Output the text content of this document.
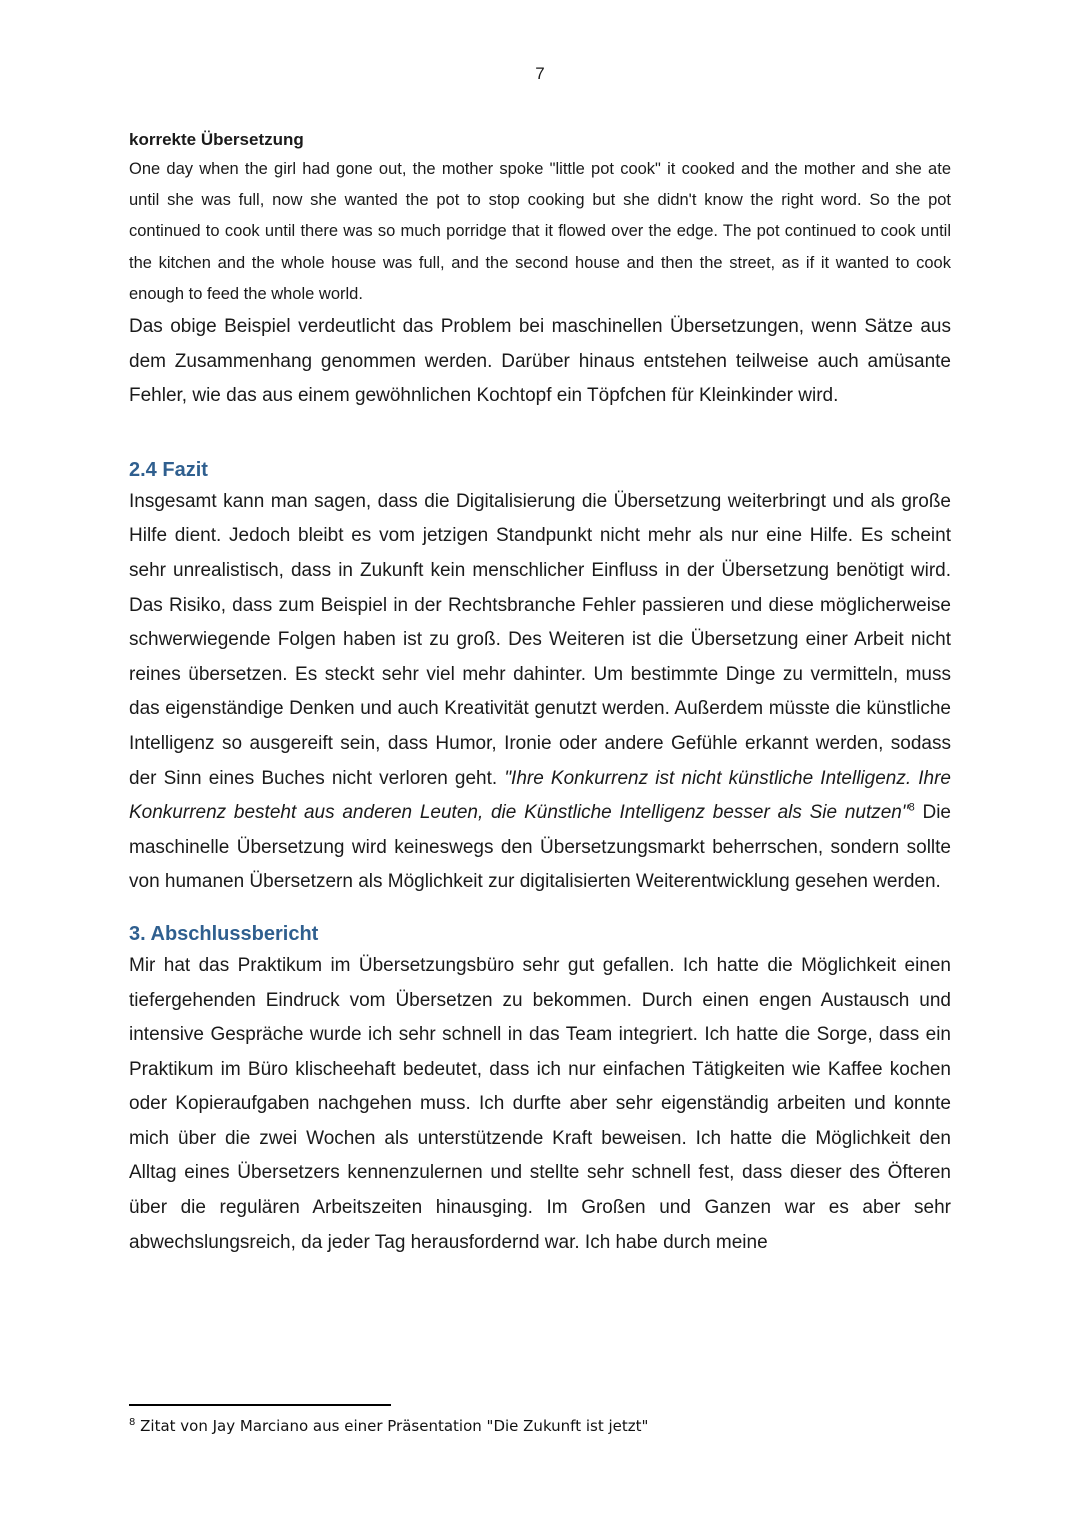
7

korrekte Übersetzung

One day when the girl had gone out, the mother spoke "little pot cook" it cooked and the mother and she ate until she was full, now she wanted the pot to stop cooking but she didn't know the right word. So the pot continued to cook until there was so much porridge that it flowed over the edge. The pot continued to cook until the kitchen and the whole house was full, and the second house and then the street, as if it wanted to cook enough to feed the whole world.

Das obige Beispiel verdeutlicht das Problem bei maschinellen Übersetzungen, wenn Sätze aus dem Zusammenhang genommen werden. Darüber hinaus entstehen teilweise auch amüsante Fehler, wie das aus einem gewöhnlichen Kochtopf ein Töpfchen für Kleinkinder wird.

2.4 Fazit

Insgesamt kann man sagen, dass die Digitalisierung die Übersetzung weiterbringt und als große Hilfe dient. Jedoch bleibt es vom jetzigen Standpunkt nicht mehr als nur eine Hilfe. Es scheint sehr unrealistisch, dass in Zukunft kein menschlicher Einfluss in der Übersetzung benötigt wird. Das Risiko, dass zum Beispiel in der Rechtsbranche Fehler passieren und diese möglicherweise schwerwiegende Folgen haben ist zu groß. Des Weiteren ist die Übersetzung einer Arbeit nicht reines übersetzen. Es steckt sehr viel mehr dahinter. Um bestimmte Dinge zu vermitteln, muss das eigenständige Denken und auch Kreativität genutzt werden. Außerdem müsste die künstliche Intelligenz so ausgereift sein, dass Humor, Ironie oder andere Gefühle erkannt werden, sodass der Sinn eines Buches nicht verloren geht. "Ihre Konkurrenz ist nicht künstliche Intelligenz. Ihre Konkurrenz besteht aus anderen Leuten, die Künstliche Intelligenz besser als Sie nutzen"$^8$ Die maschinelle Übersetzung wird keineswegs den Übersetzungsmarkt beherrschen, sondern sollte von humanen Übersetzern als Möglichkeit zur digitalisierten Weiterentwicklung gesehen werden.

3. Abschlussbericht

Mir hat das Praktikum im Übersetzungsbüro sehr gut gefallen. Ich hatte die Möglichkeit einen tiefergehenden Eindruck vom Übersetzen zu bekommen. Durch einen engen Austausch und intensive Gespräche wurde ich sehr schnell in das Team integriert. Ich hatte die Sorge, dass ein Praktikum im Büro klischeehaft bedeutet, dass ich nur einfachen Tätigkeiten wie Kaffee kochen oder Kopieraufgaben nachgehen muss. Ich durfte aber sehr eigenständig arbeiten und konnte mich über die zwei Wochen als unterstützende Kraft beweisen. Ich hatte die Möglichkeit den Alltag eines Übersetzers kennenzulernen und stellte sehr schnell fest, dass dieser des Öfteren über die regulären Arbeitszeiten hinausging. Im Großen und Ganzen war es aber sehr abwechslungsreich, da jeder Tag herausfordernd war. Ich habe durch meine

$^8$ Zitat von Jay Marciano aus einer Präsentation "Die Zukunft ist jetzt"
